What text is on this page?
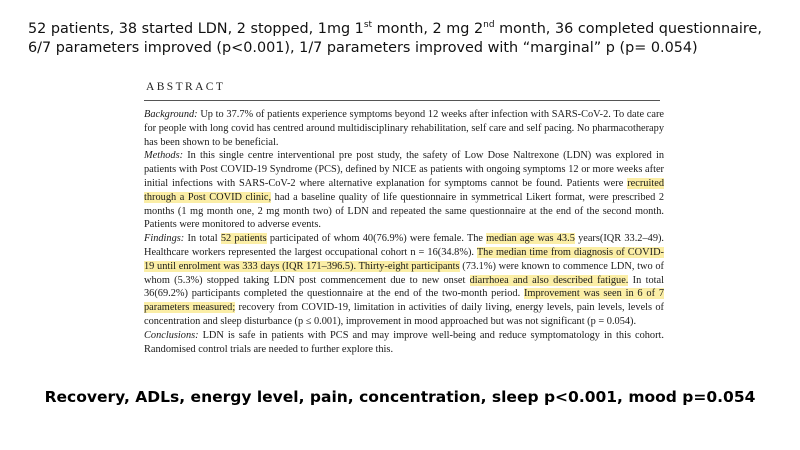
52 patients, 38 started LDN, 2 stopped, 1mg 1st month, 2 mg 2nd month, 36 completed questionnaire, 6/7 parameters improved (p<0.001), 1/7 parameters improved with “marginal” p (p= 0.054)
ABSTRACT

Background: Up to 37.7% of patients experience symptoms beyond 12 weeks after infection with SARS-CoV-2. To date care for people with long covid has centred around multidisciplinary rehabilitation, self care and self pacing. No pharmacotherapy has been shown to be beneficial.

Methods: In this single centre interventional pre post study, the safety of Low Dose Naltrexone (LDN) was explored in patients with Post COVID-19 Syndrome (PCS), defined by NICE as patients with ongoing symptoms 12 or more weeks after initial infections with SARS-CoV-2 where alternative explanation for symptoms cannot be found. Patients were recruited through a Post COVID clinic, had a baseline quality of life questionnaire in symmetrical Likert format, were prescribed 2 months (1 mg month one, 2 mg month two) of LDN and repeated the same questionnaire at the end of the second month. Patients were monitored to adverse events.

Findings: In total 52 patients participated of whom 40(76.9%) were female. The median age was 43.5 years(IQR 33.2–49). Healthcare workers represented the largest occupational cohort n = 16(34.8%). The median time from diagnosis of COVID-19 until enrolment was 333 days (IQR 171–396.5). Thirty-eight participants (73.1%) were known to commence LDN, two of whom (5.3%) stopped taking LDN post commencement due to new onset diarrhoea and also described fatigue. In total 36(69.2%) participants completed the questionnaire at the end of the two-month period. Improvement was seen in 6 of 7 parameters measured; recovery from COVID-19, limitation in activities of daily living, energy levels, pain levels, levels of concentration and sleep disturbance (p ≤ 0.001), improvement in mood approached but was not significant (p = 0.054).

Conclusions: LDN is safe in patients with PCS and may improve well-being and reduce symptomatology in this cohort. Randomised control trials are needed to further explore this.

Recovery, ADLs, energy level, pain, concentration, sleep p<0.001, mood p=0.054
